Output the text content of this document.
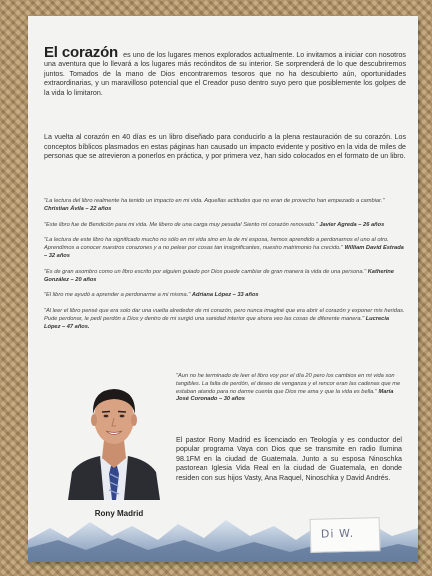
El corazón es uno de los lugares menos explorados actualmente. Lo invitamos a iniciar con nosotros una aventura que lo llevará a los lugares más recónditos de su interior. Se sorprenderá de lo que descubriremos juntos. Tomados de la mano de Dios encontraremos tesoros que no ha descubierto aún, oportunidades extraordinarias, y un maravilloso potencial que el Creador puso dentro suyo pero que posiblemente los golpes de la vida lo limitaron.
La vuelta al corazón en 40 días es un libro diseñado para conducirlo a la plena restauración de su corazón. Los conceptos bíblicos plasmados en estas páginas han causado un impacto evidente y positivo en la vida de miles de personas que se atrevieron a ponerlos en práctica, y por primera vez, han sido colocados en el formato de un libro.
"La lectura del libro realmente ha tenido un impacto en mi vida. Aquellas actitudes que no eran de provecho han empezado a cambiar." Christian Ávila – 22 años
"Este libro fue de Bendición para mi vida. Me libero de una carga muy pesada! Siento mi corazón renovado." Javier Agreda – 26 años
"La lectura de este libro ha significado mucho no sólo en mi vida sino en la de mi esposa, hemos aprendido a perdonarnos el uno al otro. Aprendimos a conocer nuestros corazones y a no pelear por cosas tan insignificantes, nuestro matrimonio ha crecido." William David Estrada – 32 años
"Es de gran asombro como un libro escrito por alguien guiado por Dios puede cambiar de gran manera la vida de una persona." Katherine González – 20 años
"El libro me ayudó a aprender a perdonarme a mi misma." Adriana López – 33 años
"Al leer el libro pensé que era solo dar una vuelta alrededor de mi corazón, pero nunca imaginé que era abrir el corazón y exponer mis heridas. Pude perdonar, le pedí perdón a Dios y dentro de mi surgió una sanidad interior que ahora veo las cosas de diferente manera." Lucrecia López – 47 años.
"Aun no he terminado de leer el libro voy por el día 20 pero los cambios en mi vida son tangibles. La falta de perdón, el deseo de venganza y el rencor eran las cadenas que me estaban atando para no darme cuenta que Dios me ama y que la vida es bella." María José Coronado – 30 años
Rony Madrid
El pastor Rony Madrid es licenciado en Teología y es conductor del popular programa Vaya con Dios que se transmite en radio Ilumina 98.1FM en la ciudad de Guatemala. Junto a su esposa Ninoschka pastorean Iglesia Vida Real en la ciudad de Guatemala, en donde residen con sus hijos Vasty, Ana Raquel, Ninoschka y David Andrés.
Di W.
